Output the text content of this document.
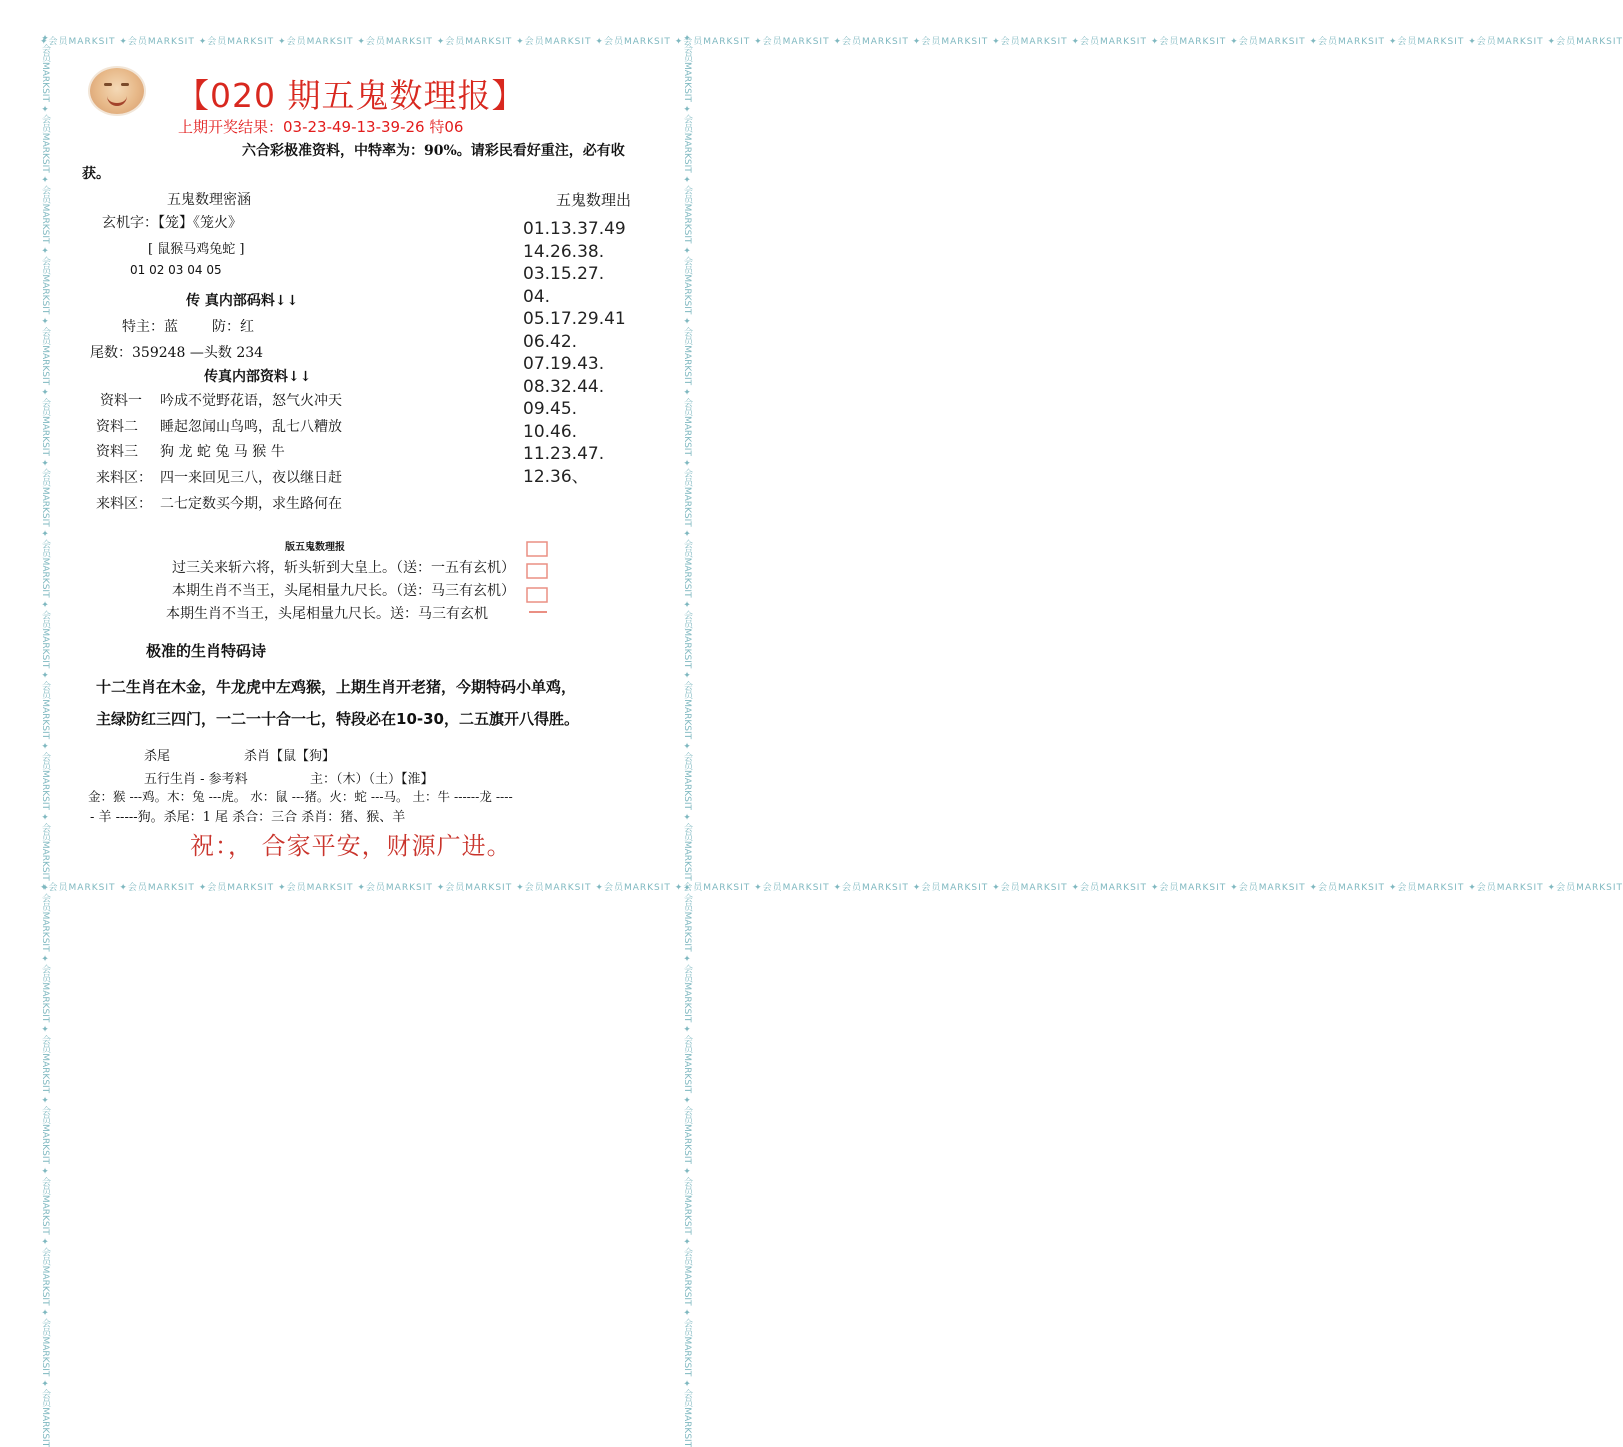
✦会员MARKSIT ✦会员MARKSIT ✦会员MARKSIT ✦会员MARKSIT ✦会员MARKSIT ✦会员MARKSIT ✦会员MARKSIT ✦会员MARKSIT ✦会员MARKSIT ✦会员MARKSIT ✦会员MARKSIT ✦会员MARKSIT ✦会员MARKSIT ✦会员MARKSIT ✦会员MARKSIT ✦会员MARKSIT ✦会员MARKSIT ✦会员MARKSIT ✦会员MARKSIT ✦会员MARKSIT
✦会员MARKSIT ✦会员MARKSIT ✦会员MARKSIT ✦会员MARKSIT ✦会员MARKSIT ✦会员MARKSIT ✦会员MARKSIT ✦会员MARKSIT ✦会员MARKSIT ✦会员MARKSIT ✦会员MARKSIT ✦会员MARKSIT ✦会员MARKSIT ✦会员MARKSIT ✦会员MARKSIT ✦会员MARKSIT ✦会员MARKSIT ✦会员MARKSIT ✦会员MARKSIT ✦会员MARKSIT
✦会员MARKSIT ✦会员MARKSIT ✦会员MARKSIT ✦会员MARKSIT ✦会员MARKSIT ✦会员MARKSIT ✦会员MARKSIT ✦会员MARKSIT ✦会员MARKSIT ✦会员MARKSIT ✦会员MARKSIT ✦会员MARKSIT ✦会员MARKSIT ✦会员MARKSIT ✦会员MARKSIT ✦会员MARKSIT ✦会员MARKSIT ✦会员MARKSIT ✦会员MARKSIT ✦会员MARKSIT	✦会员MARKSIT ✦会员MARKSIT ✦会员MARKSIT ✦会员MARKSIT ✦会员MARKSIT ✦会员MARKSIT ✦会员MARKSIT ✦会员MARKSIT ✦会员MARKSIT ✦会员MARKSIT ✦会员MARKSIT ✦会员MARKSIT ✦会员MARKSIT ✦会员MARKSIT ✦会员MARKSIT ✦会员MARKSIT ✦会员MARKSIT ✦会员MARKSIT ✦会员MARKSIT ✦会员MARKSIT
【020 期五鬼数理报】
上期开奖结果：03-23-49-13-39-26 特06
六合彩极准资料，中特率为：90%。请彩民看好重注，必有收
获。
五鬼数理密涵
玄机字：【笼】《笼火》
[ 鼠猴马鸡兔蛇 ]
01 02 03 04 05
传 真内部码料↓↓
特主：蓝 防：红
尾数：359248 —头数 234
传真内部资料↓↓
资料一 吟成不觉野花语，怒气火冲天
资料二 睡起忽闻山鸟鸣，乱七八糟放
资料三 狗 龙 蛇 兔 马 猴 牛
来料区： 四一来回见三八，夜以继日赶
来料区： 二七定数买今期，求生路何在
五鬼数理出
01.13.37.49
14.26.38.
03.15.27.
04.
05.17.29.41
06.42.
07.19.43.
08.32.44.
09.45.
10.46.
11.23.47.
12.36、
版五鬼数理报
过三关来斩六将，斩头斩到大皇上。（送：一五有玄机）
本期生肖不当王，头尾相量九尺长。（送：马三有玄机）
本期生肖不当王，头尾相量九尺长。送：马三有玄机
极准的生肖特码诗
十二生肖在木金，牛龙虎中左鸡猴，上期生肖开老猪，今期特码小单鸡，
主绿防红三四门，一二一十合一七，特段必在10-30，二五旗开八得胜。
杀尾	杀肖【鼠【狗】
五行生肖 - 参考料	主：（木）（土）【淮】
金：猴 ---鸡。木：兔 ---虎。 水：鼠 ---猪。火：蛇 ---马。 土：牛 ------龙 ----
- 羊 -----狗。杀尾：1 尾 杀合：三合 杀肖：猪、猴、羊
祝：， 合家平安，财源广进。
